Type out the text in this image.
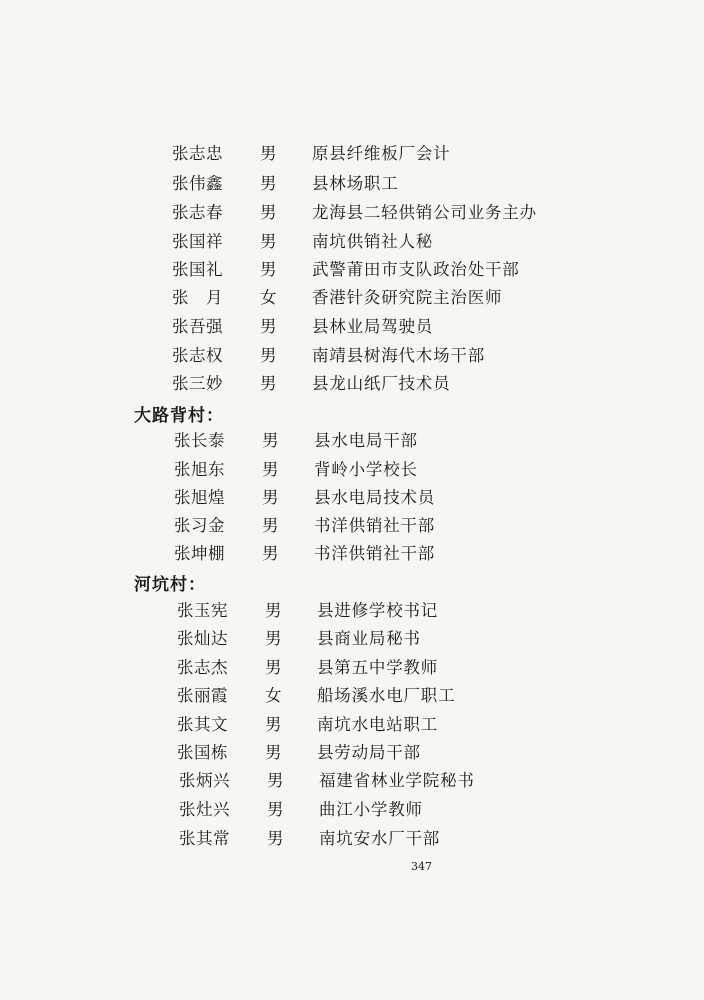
张志忠	男	原县纤维板厂会计
张伟鑫	男	县林场职工
张志春	男	龙海县二轻供销公司业务主办
张国祥	男	南坑供销社人秘
张国礼	男	武警莆田市支队政治处干部
张　月	女	香港针灸研究院主治医师
张吾强	男	县林业局驾驶员
张志权	男	南靖县树海代木场干部
张三妙	男	县龙山纸厂技术员
大路背村：
张长泰	男	县水电局干部
张旭东	男	背岭小学校长
张旭煌	男	县水电局技术员
张习金	男	书洋供销社干部
张坤棚	男	书洋供销社干部
河坑村：
张玉宪	男	县进修学校书记
张灿达	男	县商业局秘书
张志杰	男	县第五中学教师
张丽霞	女	船场溪水电厂职工
张其文	男	南坑水电站职工
张国栋	男	县劳动局干部
张炳兴	男	福建省林业学院秘书
张灶兴	男	曲江小学教师
张其常	男	南坑安水厂干部
347
